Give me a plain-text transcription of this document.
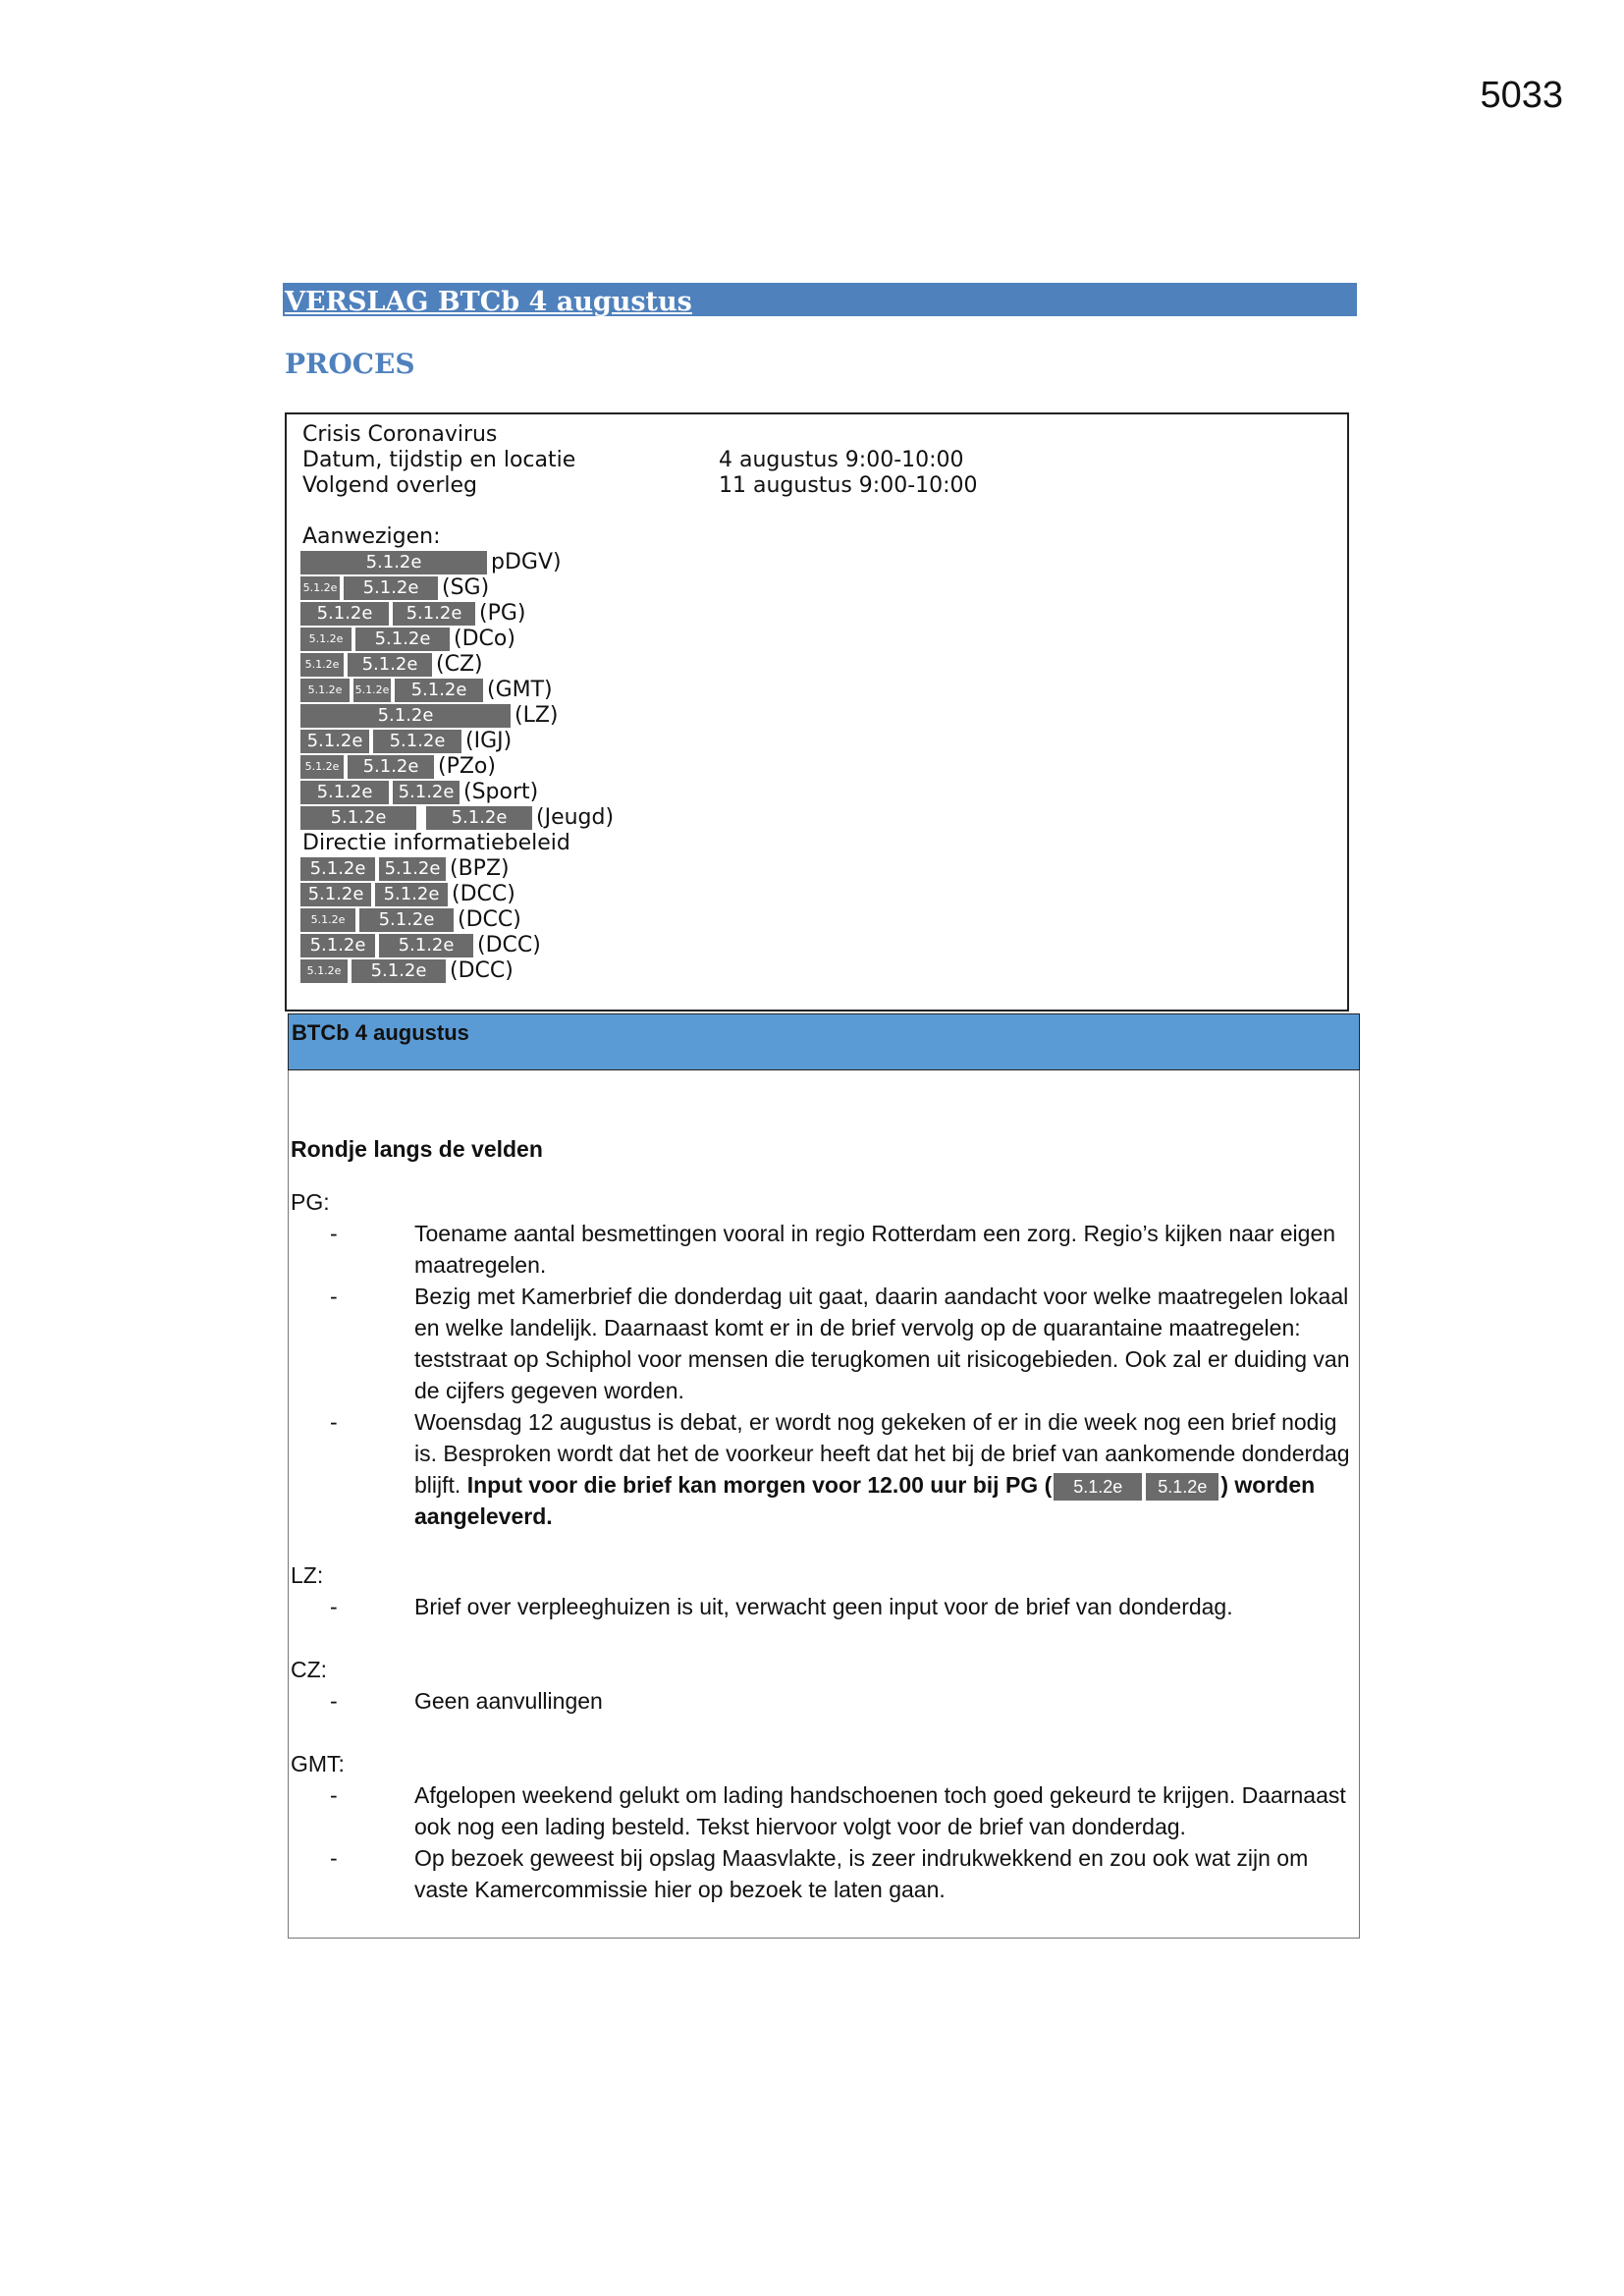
5033
VERSLAG BTCb 4 augustus
PROCES
Crisis Coronavirus
Datum, tijdstip en locatie	4 augustus 9:00-10:00
Volgend overleg	11 augustus 9:00-10:00
Aanwezigen:
5.1.2e	pDGV)
5.1.2e	5.1.2e	(SG)
5.1.2e	5.1.2e (PG)
5.1.2e	5.1.2e	(DCo)
5.1.2e	5.1.2e (CZ)
5.1.2e	5.1.2e	5.1.2e (GMT)
5.1.2e	(LZ)
5.1.2e	5.1.2e (IGJ)
5.1.2e	5.1.2e (PZo)
5.1.2e	5.1.2e (Sport)
5.1.2e	5.1.2e	(Jeugd)
Directie informatiebeleid
5.1.2e	5.1.2e (BPZ)
5.1.2e	5.1.2e (DCC)
5.1.2e	5.1.2e	(DCC)
5.1.2e	5.1.2e	(DCC)
5.1.2e	5.1.2e	(DCC)
BTCb 4 augustus
Rondje langs de velden
PG:
-	Toename aantal besmettingen vooral in regio Rotterdam een zorg. Regio’s kijken naar eigen maatregelen.
-	Bezig met Kamerbrief die donderdag uit gaat, daarin aandacht voor welke maatregelen lokaal en welke landelijk. Daarnaast komt er in de brief vervolg op de quarantaine maatregelen: teststraat op Schiphol voor mensen die terugkomen uit risicogebieden. Ook zal er duiding van de cijfers gegeven worden.
-	Woensdag 12 augustus is debat, er wordt nog gekeken of er in die week nog een brief nodig is. Besproken wordt dat het de voorkeur heeft dat het bij de brief van aankomende donderdag blijft. Input voor die brief kan morgen voor 12.00 uur bij PG ( 5.1.2e 5.1.2e ) worden aangeleverd.
LZ:
-	Brief over verpleeghuizen is uit, verwacht geen input voor de brief van donderdag.
CZ:
-	Geen aanvullingen
GMT:
-	Afgelopen weekend gelukt om lading handschoenen toch goed gekeurd te krijgen. Daarnaast ook nog een lading besteld. Tekst hiervoor volgt voor de brief van donderdag.
-	Op bezoek geweest bij opslag Maasvlakte, is zeer indrukwekkend en zou ook wat zijn om vaste Kamercommissie hier op bezoek te laten gaan.
